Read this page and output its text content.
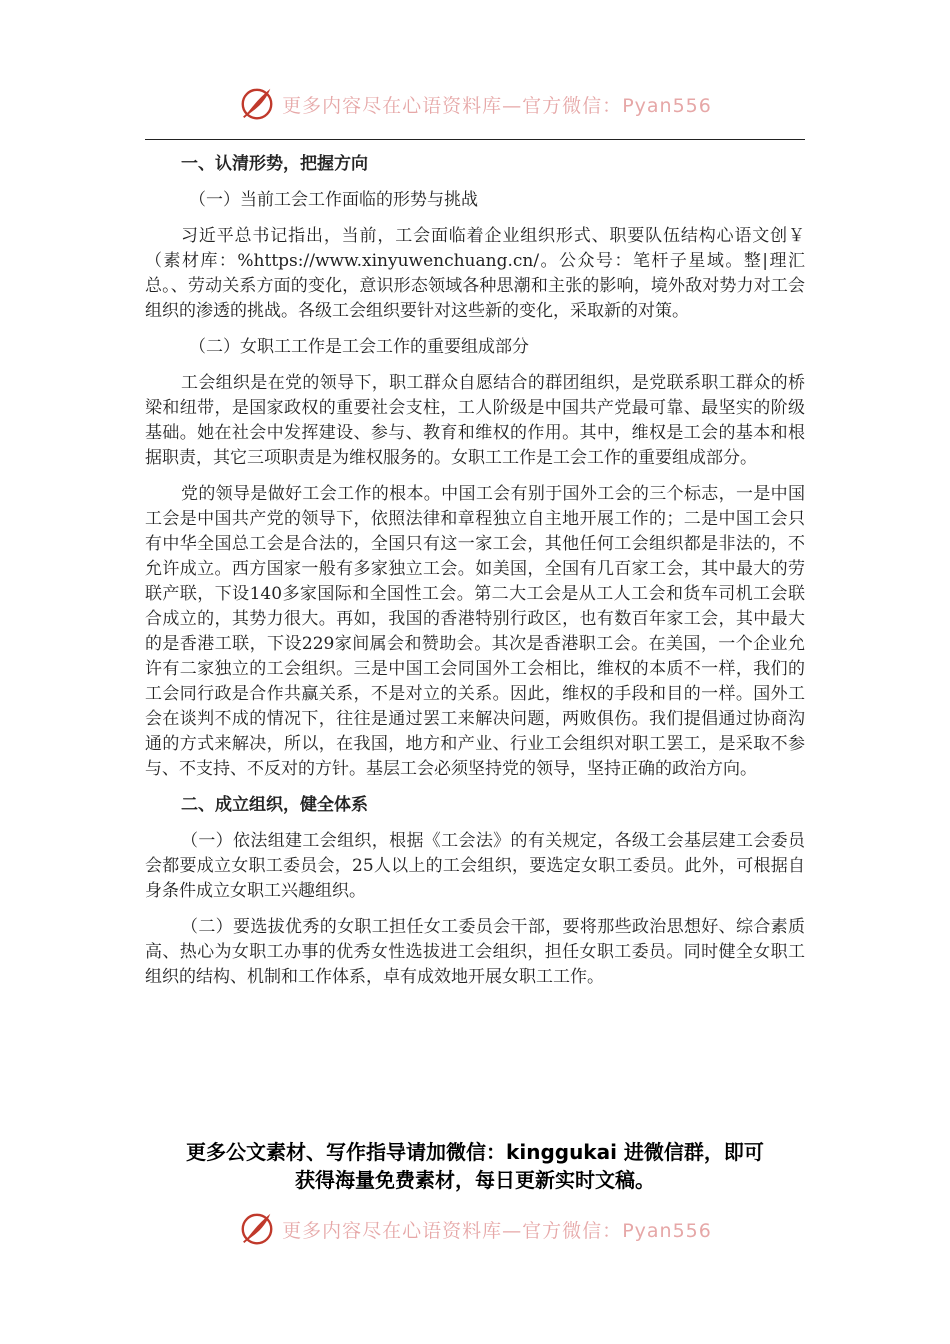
更多内容尽在心语资料库—官方微信：Pyan556

一、认清形势，把握方向

（一）当前工会工作面临的形势与挑战

习近平总书记指出，当前，工会面临着企业组织形式、职要队伍结构心语文创￥（素材库：%https://www.xinyuwenchuang.cn/。公众号：笔杆子星域。整|理汇总。、劳动关系方面的变化，意识形态领域各种思潮和主张的影响，境外敌对势力对工会组织的渗透的挑战。各级工会组织要针对这些新的变化，采取新的对策。

（二）女职工工作是工会工作的重要组成部分

工会组织是在党的领导下，职工群众自愿结合的群团组织，是党联系职工群众的桥梁和纽带，是国家政权的重要社会支柱，工人阶级是中国共产党最可靠、最坚实的阶级基础。她在社会中发挥建设、参与、教育和维权的作用。其中，维权是工会的基本和根据职责，其它三项职责是为维权服务的。女职工工作是工会工作的重要组成部分。

党的领导是做好工会工作的根本。中国工会有别于国外工会的三个标志，一是中国工会是中国共产党的领导下，依照法律和章程独立自主地开展工作的；二是中国工会只有中华全国总工会是合法的，全国只有这一家工会，其他任何工会组织都是非法的，不允许成立。西方国家一般有多家独立工会。如美国，全国有几百家工会，其中最大的劳联产联，下设140多家国际和全国性工会。第二大工会是从工人工会和货车司机工会联合成立的，其势力很大。再如，我国的香港特别行政区，也有数百年家工会，其中最大的是香港工联，下设229家间属会和赞助会。其次是香港职工会。在美国，一个企业允许有二家独立的工会组织。三是中国工会同国外工会相比，维权的本质不一样，我们的工会同行政是合作共赢关系，不是对立的关系。因此，维权的手段和目的一样。国外工会在谈判不成的情况下，往往是通过罢工来解决问题，两败俱伤。我们提倡通过协商沟通的方式来解决，所以，在我国，地方和产业、行业工会组织对职工罢工，是采取不参与、不支持、不反对的方针。基层工会必须坚持党的领导，坚持正确的政治方向。

二、成立组织，健全体系

（一）依法组建工会组织，根据《工会法》的有关规定，各级工会基层建工会委员会都要成立女职工委员会，25人以上的工会组织，要选定女职工委员。此外，可根据自身条件成立女职工兴趣组织。

（二）要选拔优秀的女职工担任女工委员会干部，要将那些政治思想好、综合素质高、热心为女职工办事的优秀女性选拔进工会组织，担任女职工委员。同时健全女职工组织的结构、机制和工作体系，卓有成效地开展女职工工作。

更多公文素材、写作指导请加微信：kinggukai 进微信群，即可
获得海量免费素材，每日更新实时文稿。
更多内容尽在心语资料库—官方微信：Pyan556
